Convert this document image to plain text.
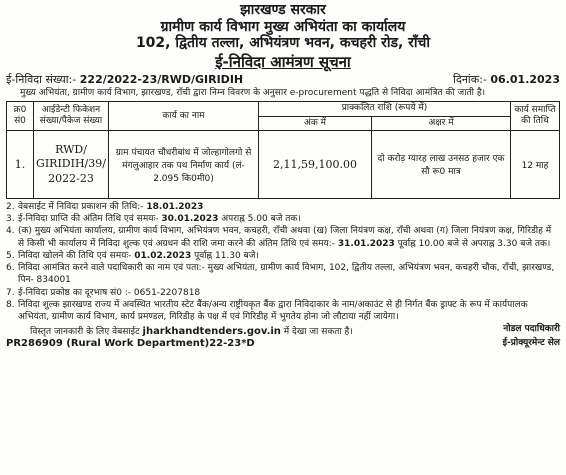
झारखण्ड सरकार
ग्रामीण कार्य विभाग मुख्य अभियंता का कार्यालय
102, द्वितीय तल्ला, अभियंत्रण भवन, कचहरी रोड, राँची
ई-निविदा आमंत्रण सूचना
ई-निविदा संख्या:- 222/2022-23/RWD/GIRIDIH	दिनांक:- 06.01.2023
मुख्य अभियंता, ग्रामीण कार्य विभाग, झारखण्ड, राँची द्वारा निम्न विवरण के अनुसार e-procurement पद्धति से निविदा आमंत्रित की जाती है।
क्र0 सं0	आईडेन्टी फिकेशन संख्या/पैकेज संख्या	कार्य का नाम	प्राक्कलित राशि (रूपये में)		कार्य समाप्ति की तिथि
			अंक में	अक्षर में	
1.	RWD/
GIRIDIH/39/
2022-23	ग्राम पंचायत चौधरीबांध में जोल्हागोलगो से मंगलुआहार तक पथ निर्माण कार्य (लं- 2.095 कि0मी0)	2,11,59,100.00	दो करोड़ ग्यारह लाख उनसठ हजार एक सौ रू0 मात्र	12 माह
2. वेबसाईट में निविदा प्रकाशन की तिथि:- 18.01.2023
3. ई-निविदा प्राप्ति की अंतिम तिथि एवं समयः- 30.01.2023 अपराह्न 5.00 बजे तक।
4. (क) मुख्य अभियंता कार्यालय, ग्रामीण कार्य विभाग, अभियंत्रण भवन, कचहरी, राँची अथवा (ख) जिला नियंत्रण कक्ष, राँची अथवा (ग) जिला नियंत्रण कक्ष, गिरिडीह में से किसी भी कार्यालय में निविदा शुल्क एवं अग्रधन की राशि जमा करने की अंतिम तिथि एवं समय:- 31.01.2023 पूर्वाह्न 10.00 बजे से अपराह्न 3.30 बजे तक।
5. निविदा खोलने की तिथि एवं समयः- 01.02.2023 पूर्वाह्न 11.30 बजे।
6. निविदा आमंत्रित करने वाले पदाधिकारी का नाम एवं पता:- मुख्य अभियंता, ग्रामीण कार्य विभाग, 102, द्वितीय तल्ला, अभियंत्रण भवन, कचहरी चौक, राँची, झारखण्ड, पिन- 834001
7. ई-निविदा प्रकोष्ठ का दूरभाष सं0 :- 0651-2207818
8. निविदा शुल्क झारखण्ड राज्य में अवस्थित भारतीय स्टेट बैंक/अन्य राष्ट्रीयकृत बैंक द्वारा निविदाकार के नाम/अकाउंट से ही निर्गत बैंक ड्राफ्ट के रूप में कार्यपालक अभियंता, ग्रामीण कार्य विभाग, कार्य प्रमण्डल, गिरिडीह के पक्ष में एवं गिरिडीह में भुगतेय होना जो लौटाया नहीं जायेगा।
विस्तृत जानकारी के लिए वेबसाईट jharkhandtenders.gov.in में देखा जा सकता है।	नोडल पदाधिकारी
PR286909 (Rural Work Department)22-23*D	ई-प्रोक्यूरमेन्ट सेल
